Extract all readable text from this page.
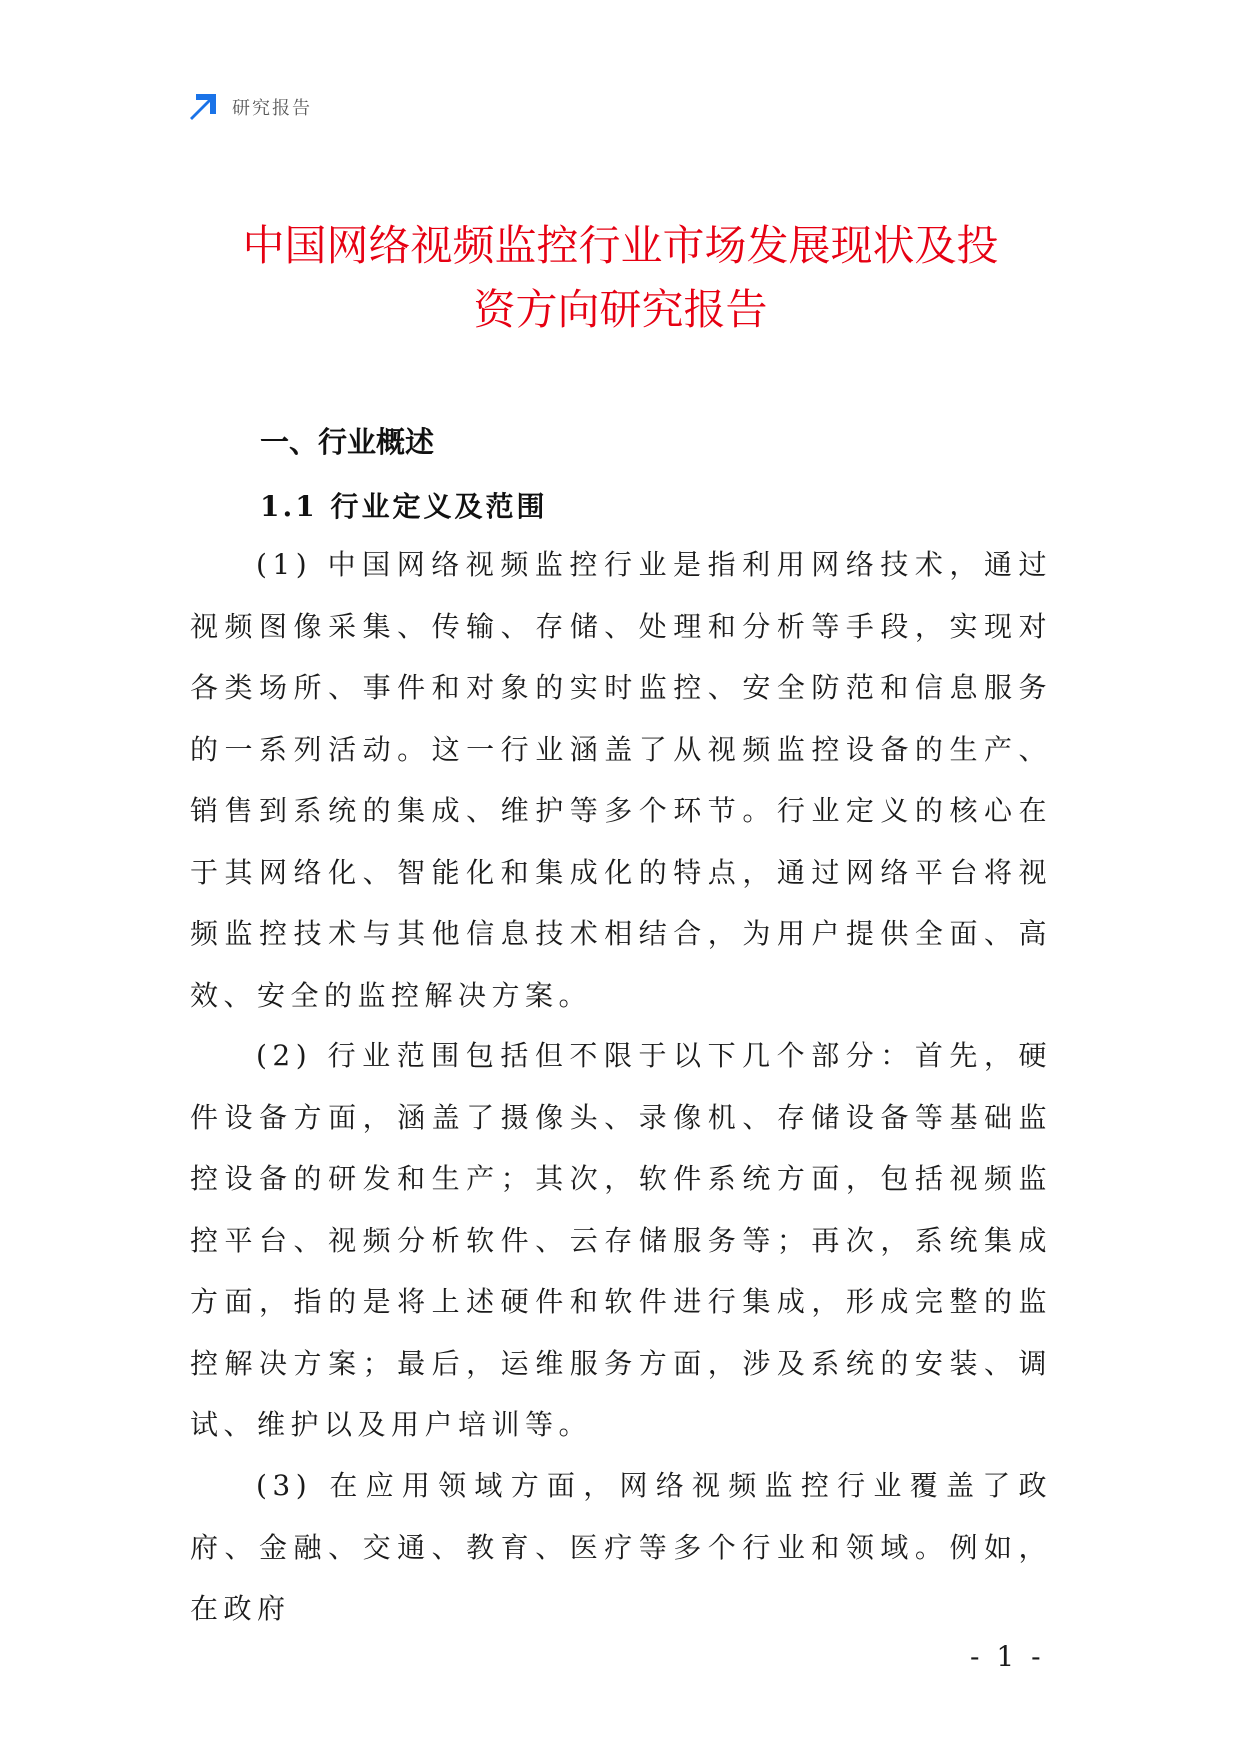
研究报告
中国网络视频监控行业市场发展现状及投
资方向研究报告
一、行业概述
1.1 行业定义及范围

(1) 中国网络视频监控行业是指利用网络技术，通过视频图像采集、传输、存储、处理和分析等手段，实现对各类场所、事件和对象的实时监控、安全防范和信息服务的一系列活动。这一行业涵盖了从视频监控设备的生产、销售到系统的集成、维护等多个环节。行业定义的核心在于其网络化、智能化和集成化的特点，通过网络平台将视频监控技术与其他信息技术相结合，为用户提供全面、高效、安全的监控解决方案。

(2) 行业范围包括但不限于以下几个部分：首先，硬件设备方面，涵盖了摄像头、录像机、存储设备等基础监控设备的研发和生产；其次，软件系统方面，包括视频监控平台、视频分析软件、云存储服务等；再次，系统集成方面，指的是将上述硬件和软件进行集成，形成完整的监控解决方案；最后，运维服务方面，涉及系统的安装、调试、维护以及用户培训等。

(3) 在应用领域方面，网络视频监控行业覆盖了政府、金融、交通、教育、医疗等多个行业和领域。例如，在政府

- 1 -
